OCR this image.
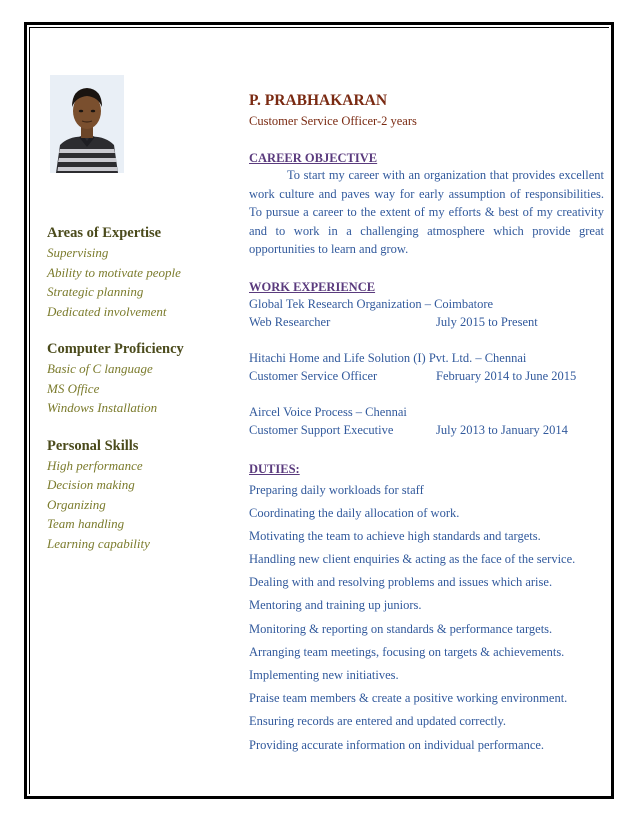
Areas of Expertise
Supervising
Ability to motivate people
Strategic planning
Dedicated involvement
Computer Proficiency
Basic of C language
MS Office
Windows Installation
Personal Skills
High performance
Decision making
Organizing
Team handling
Learning capability
P. PRABHAKARAN
Customer Service Officer-2 years
CAREER OBJECTIVE

To start my career with an organization that provides excellent work culture and paves way for early assumption of responsibilities. To pursue a career to the extent of my efforts & best of my creativity and to work in a challenging atmosphere which provide great opportunities to learn and grow.

WORK EXPERIENCE
Global Tek Research Organization – Coimbatore
Web Researcher	July 2015 to Present
Hitachi Home and Life Solution (I) Pvt. Ltd. – Chennai
Customer Service Officer	February 2014 to June 2015
Aircel Voice Process – Chennai
Customer Support Executive	July 2013 to January 2014
DUTIES:
Preparing daily workloads for staff
Coordinating the daily allocation of work.
Motivating the team to achieve high standards and targets.
Handling new client enquiries & acting as the face of the service.
Dealing with and resolving problems and issues which arise.
Mentoring and training up juniors.
Monitoring & reporting on standards & performance targets.
Arranging team meetings, focusing on targets & achievements.
Implementing new initiatives.
Praise team members & create a positive working environment.
Ensuring records are entered and updated correctly.
Providing accurate information on individual performance.
